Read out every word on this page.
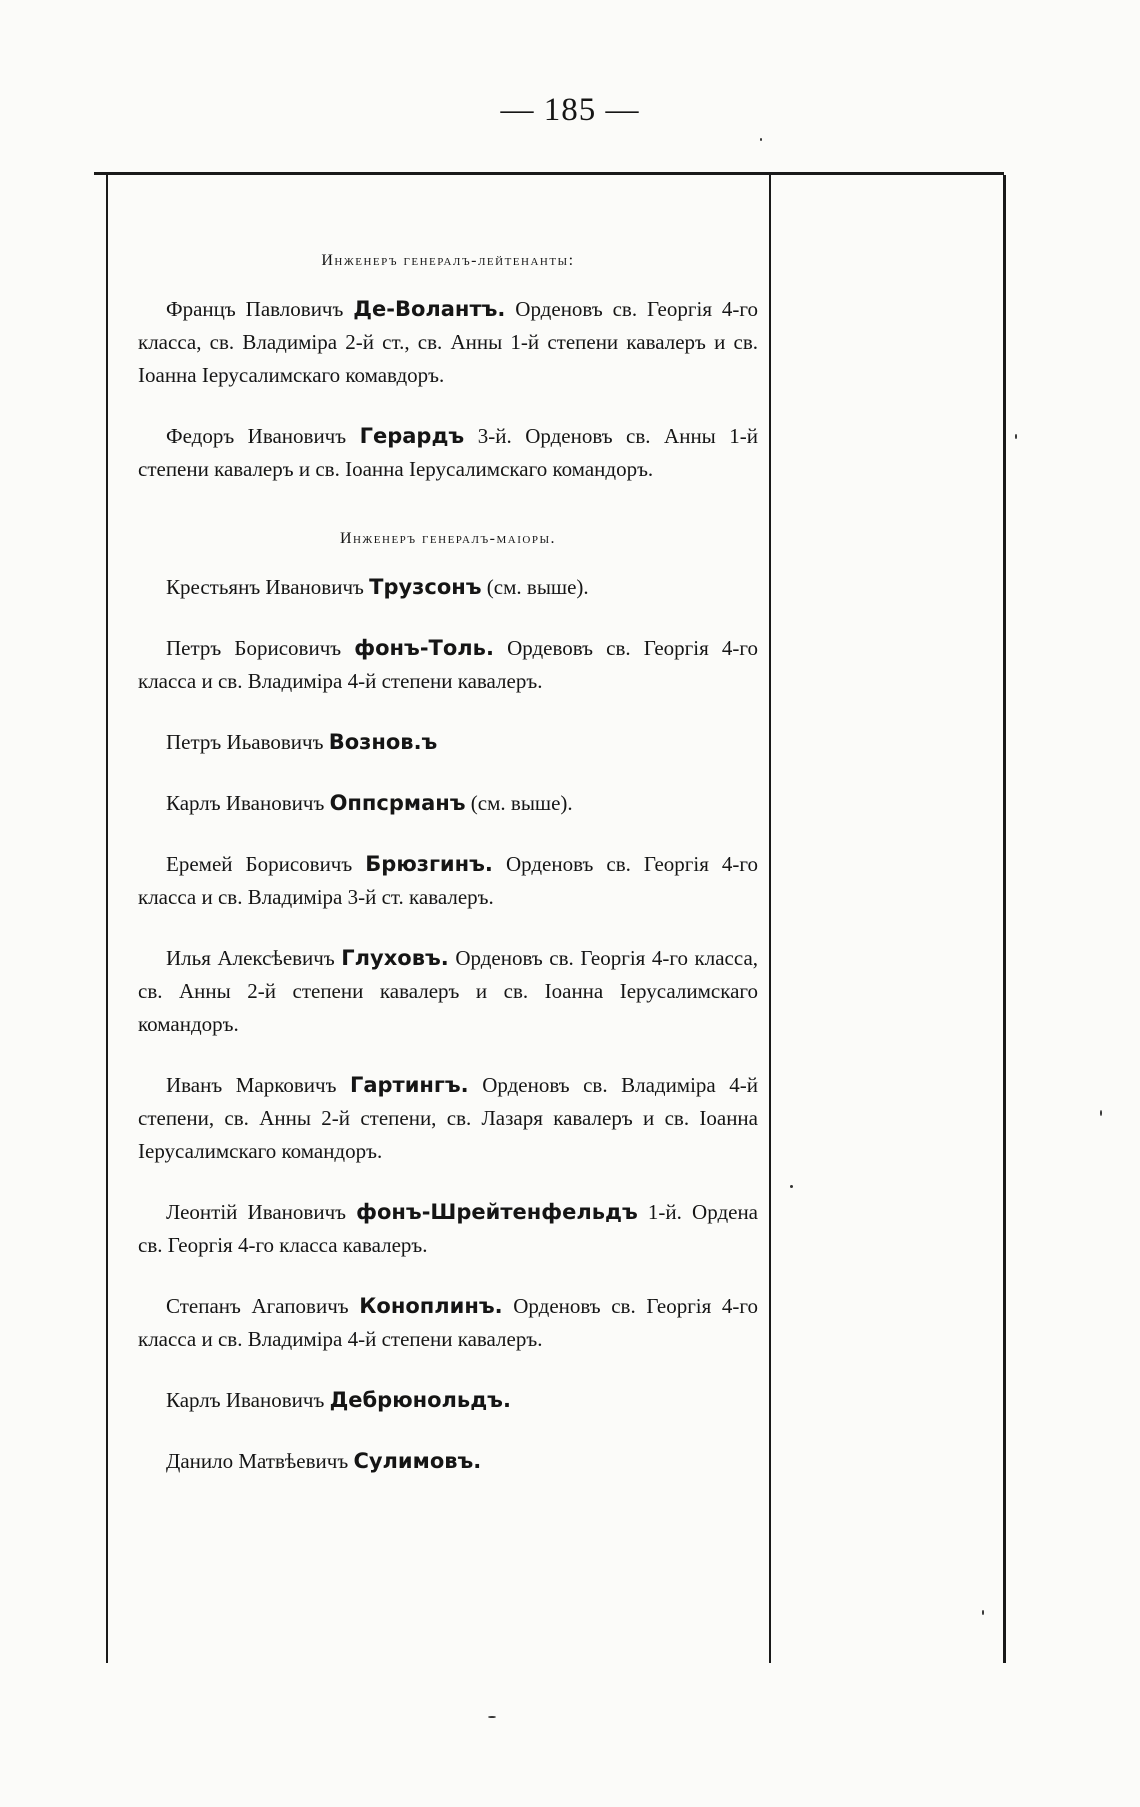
— 185 —
Инженеръ генералъ-лейтенанты:

Францъ Павловичъ Де-Волантъ. Орденовъ св. Георгія 4-го класса, св. Владиміра 2-й ст., св. Анны 1-й степени кавалеръ и св. Іоанна Іерусалимскаго комавдоръ.

Федоръ Ивановичъ Герардъ 3-й. Орденовъ св. Анны 1-й степени кавалеръ и св. Іоанна Іерусалимскаго командоръ.

Инженеръ генералъ-маіоры.

Крестьянъ Ивановичъ Трузсонъ (см. выше).

Петръ Борисовичъ фонъ-Толь. Ордевовъ св. Георгія 4-го класса и св. Владиміра 4-й степени кавалеръ.

Петръ Иьавовичъ Вознов.ъ

Карлъ Ивановичъ Оппсрманъ (см. выше).

Еремей Борисовичъ Брюзгинъ. Орденовъ св. Георгія 4-го класса и св. Владиміра 3-й ст. кавалеръ.

Илья Алексѣевичъ Глуховъ. Орденовъ св. Георгія 4-го класса, св. Анны 2-й степени кавалеръ и св. Іоанна Іерусалимскаго командоръ.

Иванъ Марковичъ Гартингъ. Орденовъ св. Владиміра 4-й степени, св. Анны 2-й степени, св. Лазаря кавалеръ и св. Іоанна Іерусалимскаго командоръ.

Леонтій Ивановичъ фонъ-Шрейтенфельдъ 1-й. Ордена св. Георгія 4-го класса кавалеръ.

Степанъ Агаповичъ Коноплинъ. Орденовъ св. Георгія 4-го класса и св. Владиміра 4-й степени кавалеръ.

Карлъ Ивановичъ Дебрюнольдъ.

Данило Матвѣевичъ Сулимовъ.
